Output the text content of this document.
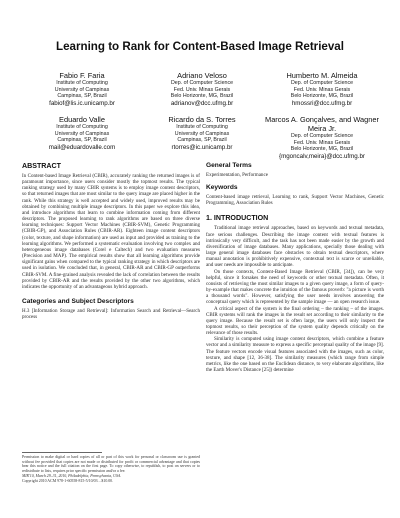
Learning to Rank for Content-Based Image Retrieval
Fabio F. Faria
Institute of Computing
University of Campinas
Campinas, SP, Brazil
fabiof@lis.ic.unicamp.br
Adriano Veloso
Dep. of Computer Science
Fed. Univ. Minas Gerais
Belo Horizonte, MG, Brazil
adrianov@dcc.ufmg.br
Humberto M. Almeida
Dep. of Computer Science
Fed. Univ. Minas Gerais
Belo Horizonte, MG, Brazil
hmossri@dcc.ufmg.br
Eduardo Valle
Institute of Computing
University of Campinas
Campinas, SP, Brazil
mail@eduardovalle.com
Ricardo da S. Torres
Institute of Computing
University of Campinas
Campinas, SP, Brazil
rtorres@ic.unicamp.br
Marcos A. Gonçalves, and Wagner Meira Jr.
Dep. of Computer Science
Fed. Univ. Minas Gerais
Belo Horizonte, MG, Brazil
{mgoncalv,meira}@dcc.ufmg.br
ABSTRACT

In Content-based Image Retrieval (CBIR), accurately ranking the returned images is of paramount importance, since users consider mostly the topmost results. The typical ranking strategy used by many CBIR systems is to employ image content descriptors, so that returned images that are most similar to the query image are placed higher in the rank. While this strategy is well accepted and widely used, improved results may be obtained by combining multiple image descriptors. In this paper we explore this idea, and introduce algorithms that learn to combine information coming from different descriptors. The proposed learning to rank algorithms are based on three diverse learning techniques: Support Vector Machines (CBIR-SVM), Genetic Programming (CBIR-GP), and Association Rules (CBIR-AR). Eighteen image content descriptors (color, texture, and shape information) are used as input and provided as training to the learning algorithms. We performed a systematic evaluation involving two complex and heterogeneous image databases (Corel e Caltech) and two evaluation measures (Precision and MAP). The empirical results show that all learning algorithms provide significant gains when compared to the typical ranking strategy in which descriptors are used in isolation. We concluded that, in general, CBIR-AR and CBIR-GP outperforms CBIR-SVM. A fine-grained analysis revealed the lack of correlation between the results provided by CBIR-AR and the results provided by the other two algorithms, which indicates the opportunity of an advantageous hybrid approach.

Categories and Subject Descriptors

H.3 [Information Storage and Retrieval]: Information Search and Retrieval—Search process

Permission to make digital or hard copies of all or part of this work for personal or classroom use is granted without fee provided that copies are not made or distributed for profit or commercial advantage and that copies bear this notice and the full citation on the first page. To copy otherwise, to republish, to post on servers or to redistribute to lists, requires prior specific permission and/or a fee.
MIR'10, March 29–31, 2010, Philadelphia, Pennsylvania, USA.
Copyright 2010 ACM 978-1-60558-815-5/10/03 ...$10.00.
General Terms

Experimentation, Performance

Keywords

Content-based image retrieval, Learning to rank, Support Vector Machines, Genetic Programming, Association Rules

1. INTRODUCTION

Traditional image retrieval approaches, based on keywords and textual metadata, face serious challenges. Describing the image content with textual features is intrinsically very difficult, and the task has not been made easier by the growth and diversification of image databases. Many applications, specially those dealing with large general image databases face obstacles to obtain textual descriptors, where manual annotation is prohibitively expensive, contextual text is scarce or unreliable, and user needs are impossible to anticipate.

On those contexts, Content-Based Image Retrieval (CBIR, [34]), can be very helpful, since it forsakes the need of keywords or other textual metadata. Often, it consists of retrieving the most similar images to a given query image, a form of query-by-example that makes concrete the intuition of the famous proverb: "a picture is worth a thousand words". However, satisfying the user needs involves answering the conceptual query which is represented by the sample image — an open research issue.

A critical aspect of the system is the final ordering – the ranking – of the images. CBIR systems will rank the images in the result set according to their similarity to the query image. Because the result set is often large, the users will only inspect the topmost results, so their perception of the system quality depends critically on the relevance of those results.

Similarity is computed using image content descriptors, which combine a feature vector and a similarity measure to express a specific perceptual quality of the image [9]. The feature vectors encode visual features associated with the images, such as color, texture, and shape [12, 36-38]. The similarity measures (which range from simple metrics, like the one based on the Euclidean distance, to very elaborate algorithms, like the Earth Mover's Distance [25]) determine
